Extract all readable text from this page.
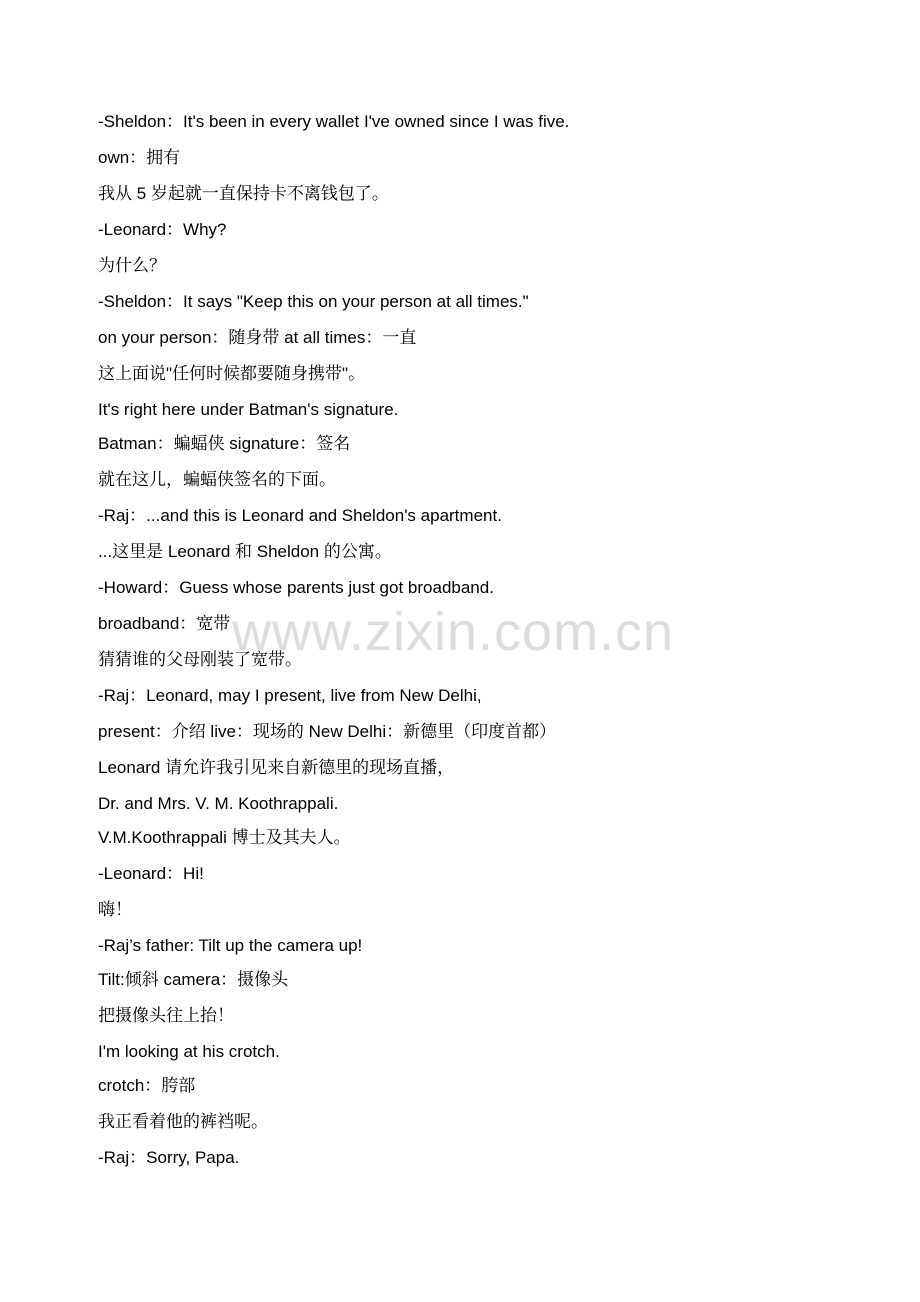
-Sheldon：It's been in every wallet I've owned since I was five.
own：拥有
我从 5 岁起就一直保持卡不离钱包了。
-Leonard：Why?
为什么？
-Sheldon：It says "Keep this on your person at all times."
on your person：随身带 at all times：一直
这上面说"任何时候都要随身携带"。
It's right here under Batman's signature.
Batman：蝙蝠侠 signature：签名
就在这儿，蝙蝠侠签名的下面。
-Raj：...and this is Leonard and Sheldon's apartment.
...这里是 Leonard 和 Sheldon 的公寓。
-Howard：Guess whose parents just got broadband.
broadband：宽带
猜猜谁的父母刚装了宽带。
-Raj：Leonard, may I present, live from New Delhi,
present：介绍 live：现场的 New Delhi：新德里（印度首都）
Leonard 请允许我引见来自新德里的现场直播，
Dr. and Mrs. V. M. Koothrappali.
V.M.Koothrappali 博士及其夫人。
-Leonard：Hi!
嗨！
-Raj’s father: Tilt up the camera up!
Tilt:倾斜 camera：摄像头
把摄像头往上抬！
I'm looking at his crotch.
crotch：胯部
我正看着他的裤裆呢。
-Raj：Sorry, Papa.
www.zixin.com.cn
